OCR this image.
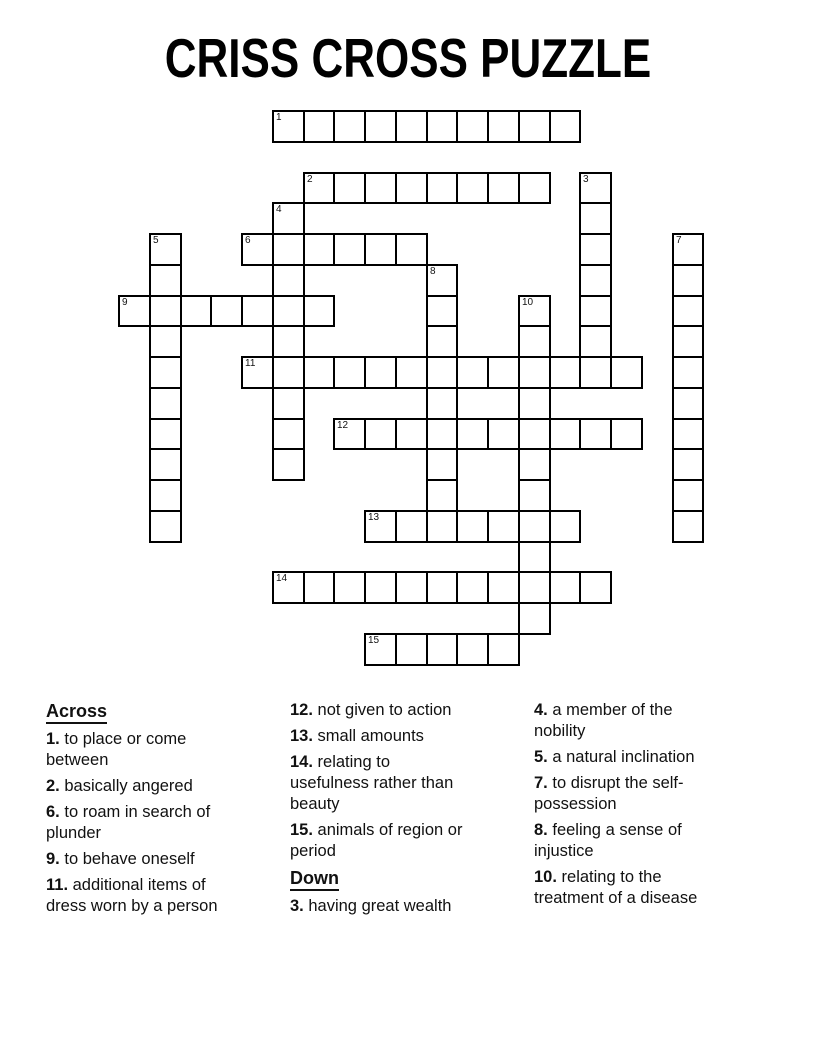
CRISS CROSS PUZZLE
1
2	3
4
5	6	7
8
9	10
11
12
13
14
15
Across

1. to place or come between

2. basically angered

6. to roam in search of plunder

9. to behave oneself

11. additional items of dress worn by a person

12. not given to action

13. small amounts

14. relating to usefulness rather than beauty

15. animals of region or period

Down

3. having great wealth

4. a member of the nobility

5. a natural inclination

7. to disrupt the self-possession

8. feeling a sense of injustice

10. relating to the treatment of a disease
